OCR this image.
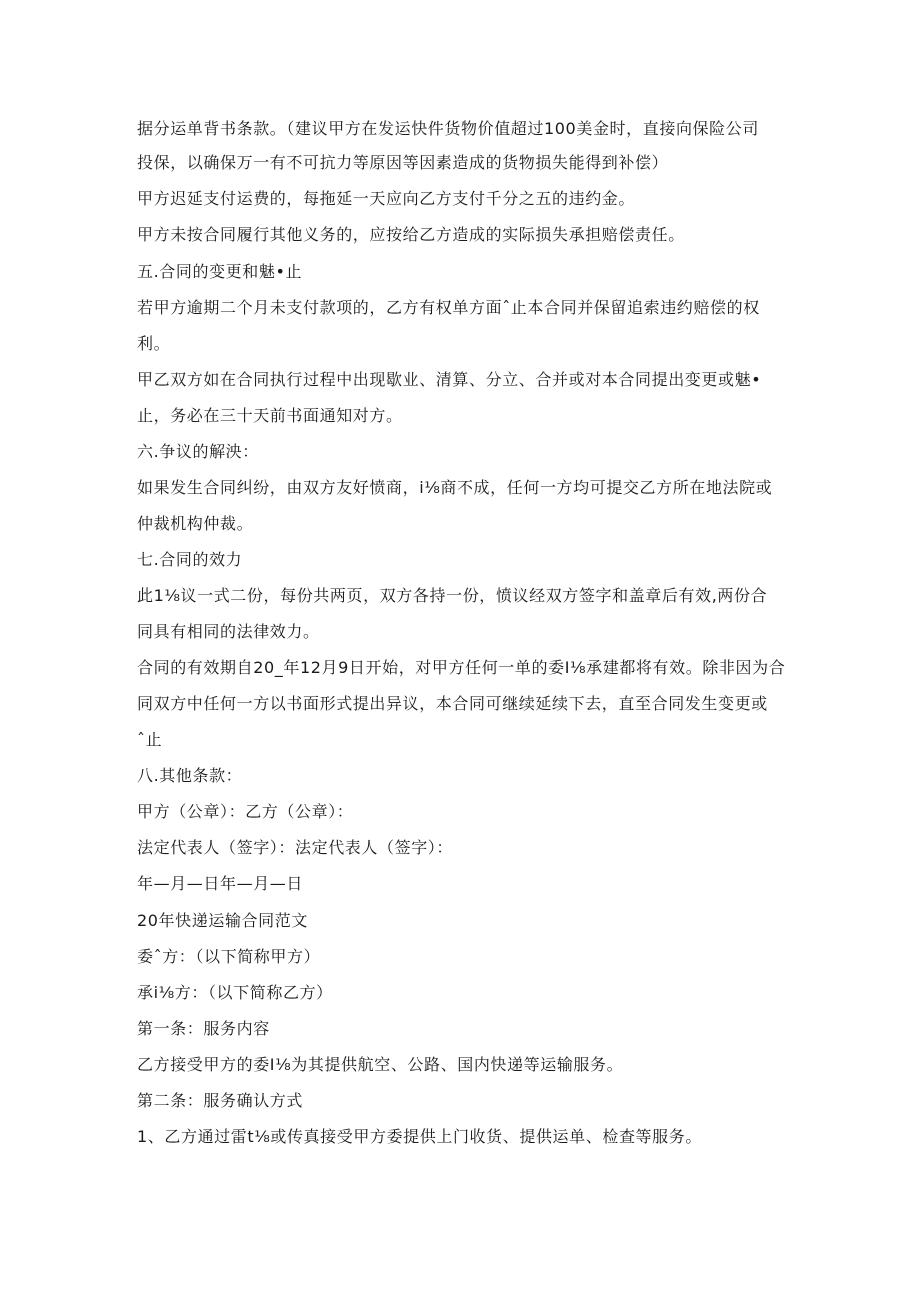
据分运单背书条款。（建议甲方在发运快件货物价值超过100美金时，直接向保险公司
投保，以确保万一有不可抗力等原因等因素造成的货物损失能得到补偿）
甲方迟延支付运费的，每拖延一天应向乙方支付千分之五的违约金。
甲方未按合同履行其他义务的，应按给乙方造成的实际损失承担赔偿责任。
五.合同的变更和魅•止
若甲方逾期二个月未支付款项的，乙方有权单方面ˆ止本合同并保留追索违约赔偿的权
利。
甲乙双方如在合同执行过程中出现歇业、清算、分立、合并或对本合同提出变更或魅•
止，务必在三十天前书面通知对方。
六.争议的解泱：
如果发生合同纠纷，由双方友好愤商，i⅛商不成，任何一方均可提交乙方所在地法院或
仲裁机构仲裁。
七.合同的效力
此1⅛议一式二份，每份共两页，双方各持一份，愤议经双方签字和盖章后有效,两份合
同具有相同的法律效力。
合同的有效期自20_年12月9日开始，对甲方任何一单的委I⅛承建都将有效。除非因为合
同双方中任何一方以书面形式提出异议，本合同可继续延续下去，直至合同发生变更或
ˆ止
八.其他条款：
甲方（公章）：乙方（公章）：
法定代表人（签字）：法定代表人（签字）：
年—月—日年—月—日
20年快递运输合同范文
委ˆ方：（以下简称甲方）
承i⅛方：（以下简称乙方）
第一条：服务内容
乙方接受甲方的委I⅛为其提供航空、公路、国内快递等运输服务。
第二条：服务确认方式
1、乙方通过雷t⅛或传真接受甲方委提供上门收货、提供运单、检查等服务。
